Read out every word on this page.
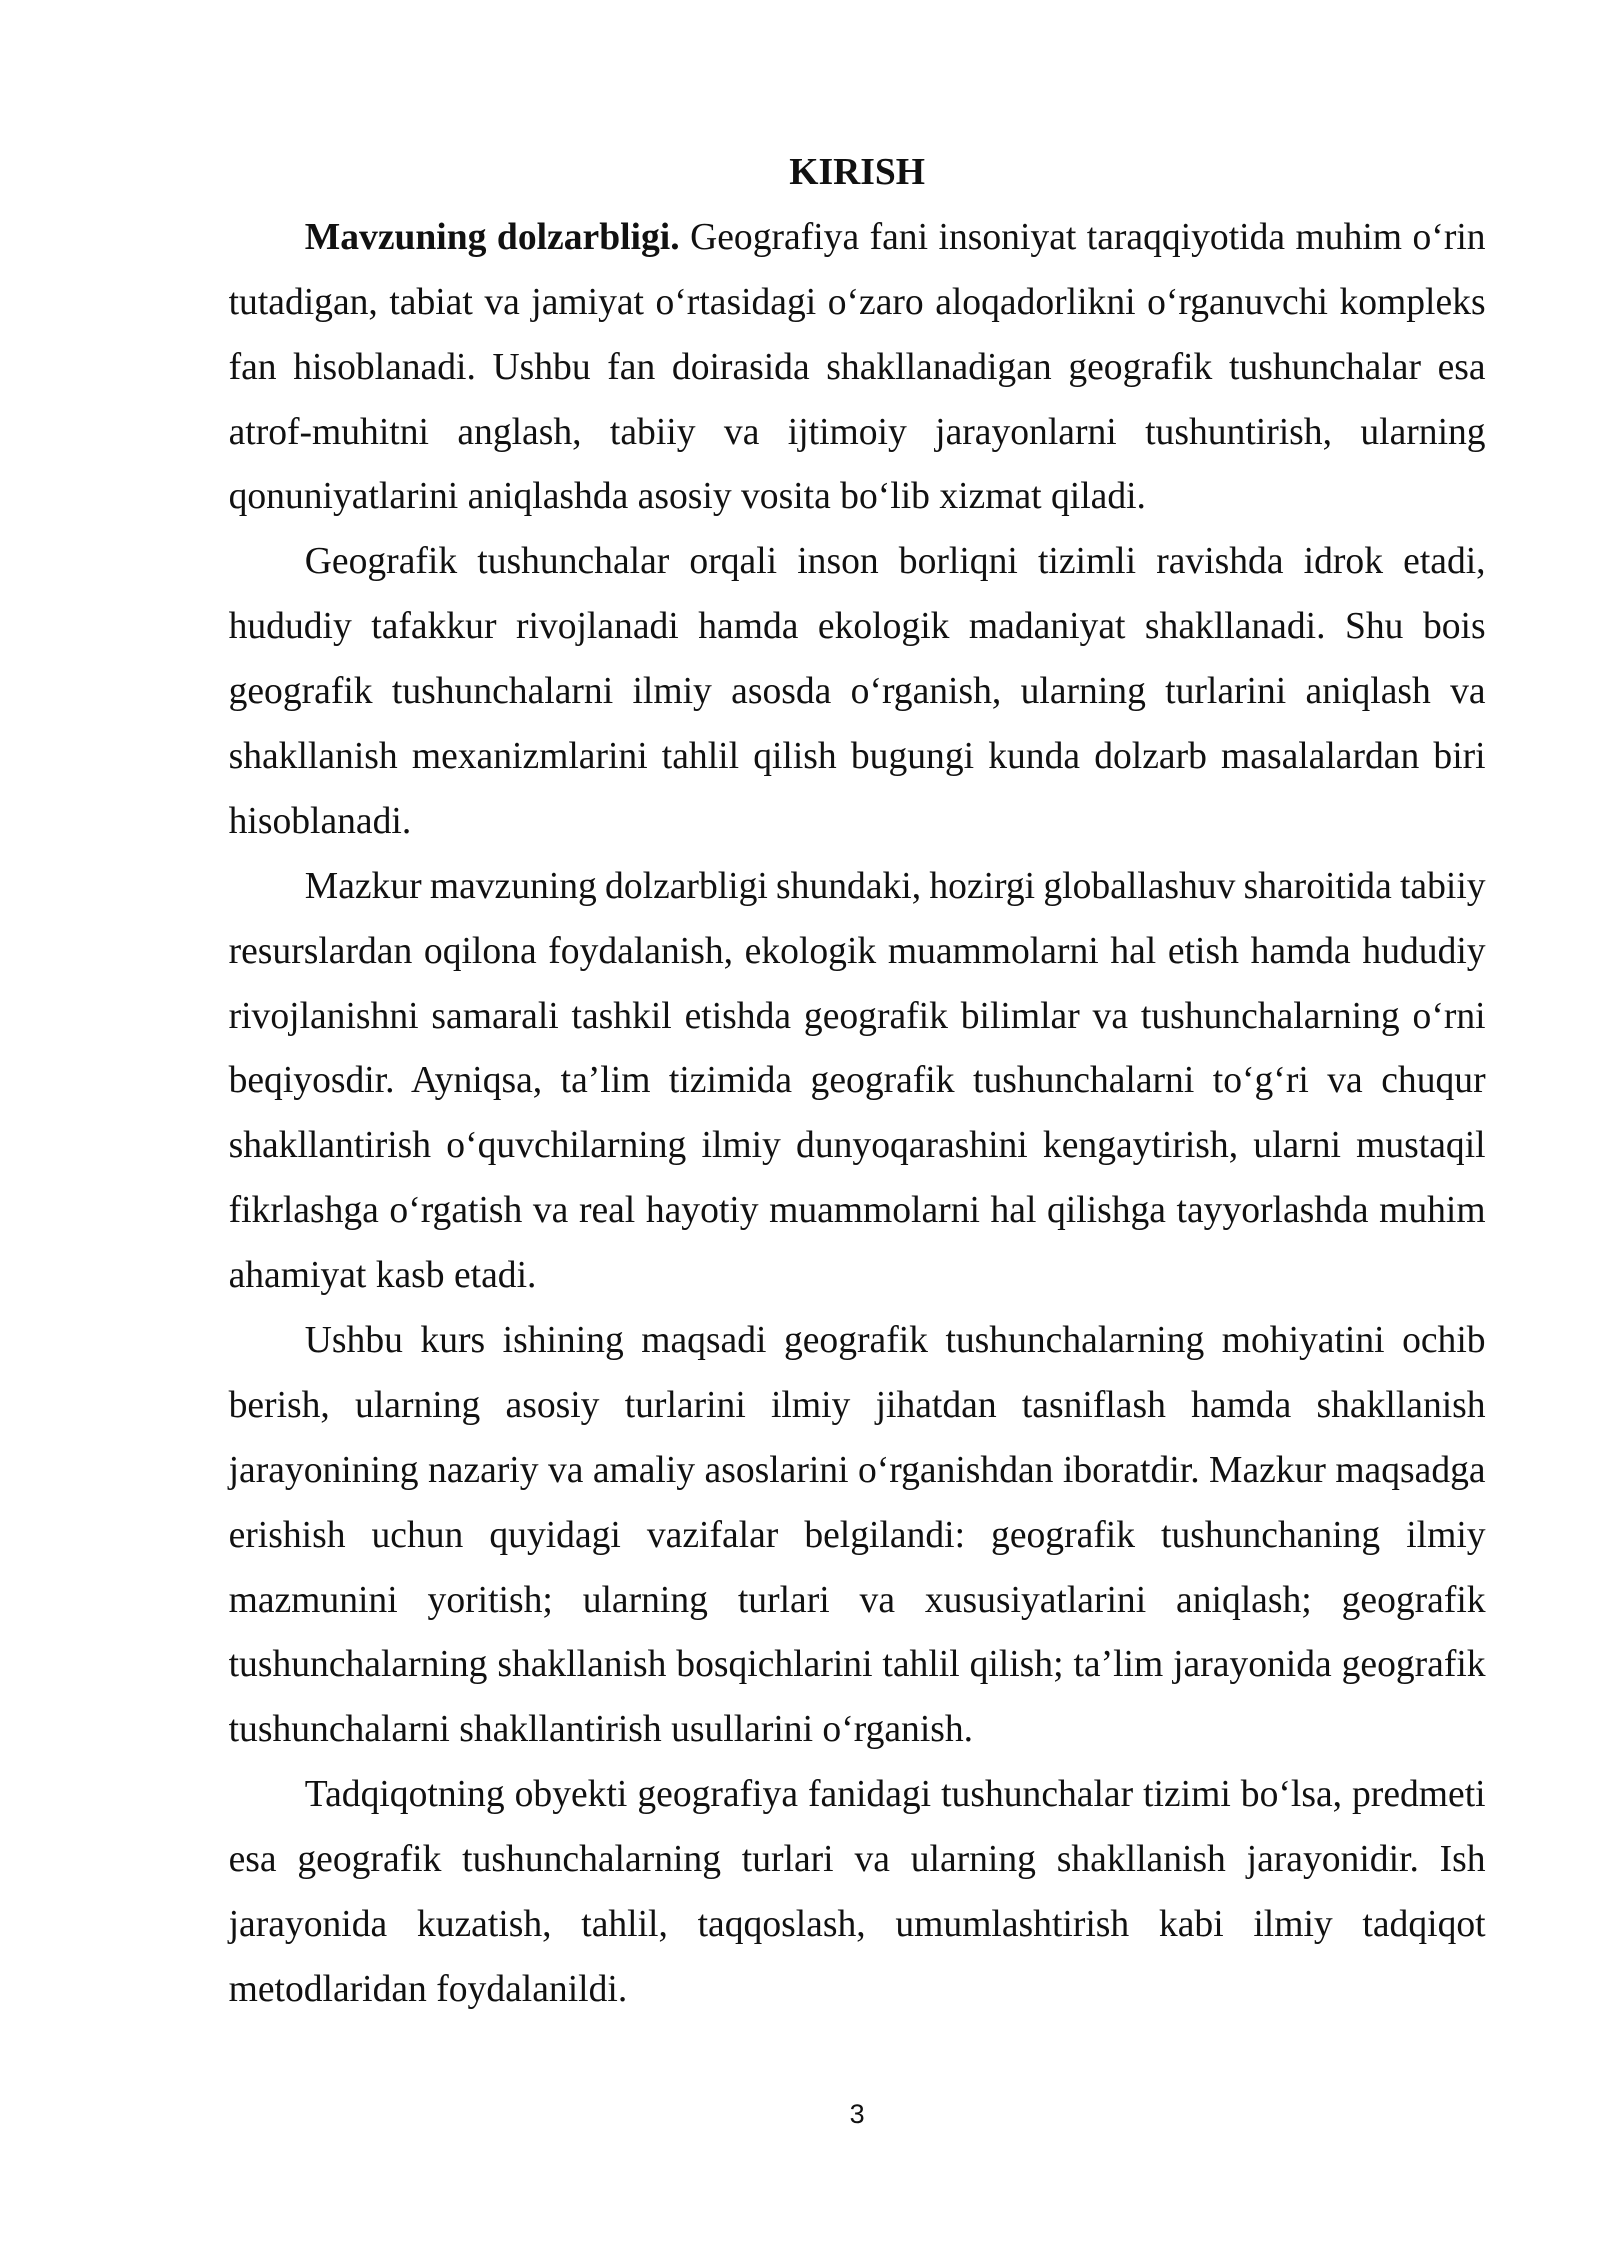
KIRISH
Mavzuning dolzarbligi. Geografiya fani insoniyat taraqqiyotida muhim o‘rin
tutadigan, tabiat va jamiyat o‘rtasidagi o‘zaro aloqadorlikni o‘rganuvchi kompleks
fan hisoblanadi. Ushbu fan doirasida shakllanadigan geografik tushunchalar esa
atrof-muhitni anglash, tabiiy va ijtimoiy jarayonlarni tushuntirish, ularning
qonuniyatlarini aniqlashda asosiy vosita bo‘lib xizmat qiladi.
Geografik tushunchalar orqali inson borliqni tizimli ravishda idrok etadi,
hududiy tafakkur rivojlanadi hamda ekologik madaniyat shakllanadi. Shu bois
geografik tushunchalarni ilmiy asosda o‘rganish, ularning turlarini aniqlash va
shakllanish mexanizmlarini tahlil qilish bugungi kunda dolzarb masalalardan biri
hisoblanadi.
Mazkur mavzuning dolzarbligi shundaki, hozirgi globallashuv sharoitida tabiiy
resurslardan oqilona foydalanish, ekologik muammolarni hal etish hamda hududiy
rivojlanishni samarali tashkil etishda geografik bilimlar va tushunchalarning o‘rni
beqiyosdir. Ayniqsa, ta’lim tizimida geografik tushunchalarni to‘g‘ri va chuqur
shakllantirish o‘quvchilarning ilmiy dunyoqarashini kengaytirish, ularni mustaqil
fikrlashga o‘rgatish va real hayotiy muammolarni hal qilishga tayyorlashda muhim
ahamiyat kasb etadi.
Ushbu kurs ishining maqsadi geografik tushunchalarning mohiyatini ochib
berish, ularning asosiy turlarini ilmiy jihatdan tasniflash hamda shakllanish
jarayonining nazariy va amaliy asoslarini o‘rganishdan iboratdir. Mazkur maqsadga
erishish uchun quyidagi vazifalar belgilandi: geografik tushunchaning ilmiy
mazmunini yoritish; ularning turlari va xususiyatlarini aniqlash; geografik
tushunchalarning shakllanish bosqichlarini tahlil qilish; ta’lim jarayonida geografik
tushunchalarni shakllantirish usullarini o‘rganish.
Tadqiqotning obyekti geografiya fanidagi tushunchalar tizimi bo‘lsa, predmeti
esa geografik tushunchalarning turlari va ularning shakllanish jarayonidir. Ish
jarayonida kuzatish, tahlil, taqqoslash, umumlashtirish kabi ilmiy tadqiqot
metodlaridan foydalanildi.
3
